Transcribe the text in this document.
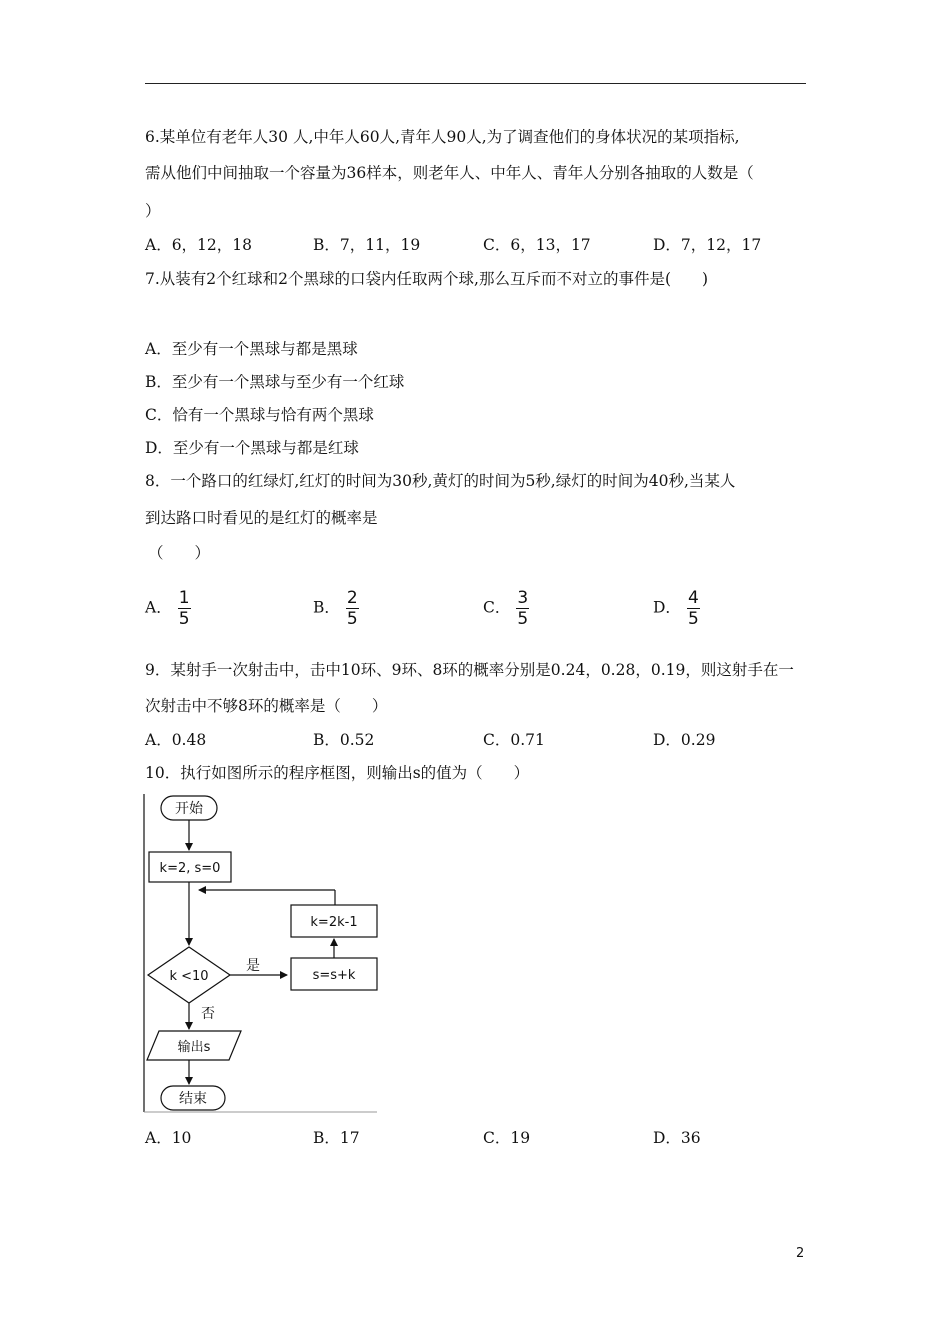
6.某单位有老年人30 人,中年人60人,青年人90人,为了调查他们的身体状况的某项指标,
需从他们中间抽取一个容量为36样本，则老年人、中年人、青年人分别各抽取的人数是（
）
A．6，12，18	B．7，11，19	C．6，13，17	D．7，12，17
7.从装有2个红球和2个黑球的口袋内任取两个球,那么互斥而不对立的事件是(　　)
A．至少有一个黑球与都是黑球
B．至少有一个黑球与至少有一个红球
C．恰有一个黑球与恰有两个黑球
D．至少有一个黑球与都是红球
8．一个路口的红绿灯,红灯的时间为30秒,黄灯的时间为5秒,绿灯的时间为40秒,当某人
到达路口时看见的是红灯的概率是
（　　）
A． $\frac{1}{5}$	B． $\frac{2}{5}$	C． $\frac{3}{5}$	D． $\frac{4}{5}$
9．某射手一次射击中，击中10环、9环、8环的概率分别是0.24，0.28，0.19，则这射手在一
次射击中不够8环的概率是（　　）
A．0.48	B．0.52	C．0.71	D．0.29
10．执行如图所示的程序框图，则输出s的值为（　　）
开始
k=2, s=0
k=2k-1
k <10
是
s=s+k
否
输出s
结束
A．10	B．17	C．19	D．36
2
